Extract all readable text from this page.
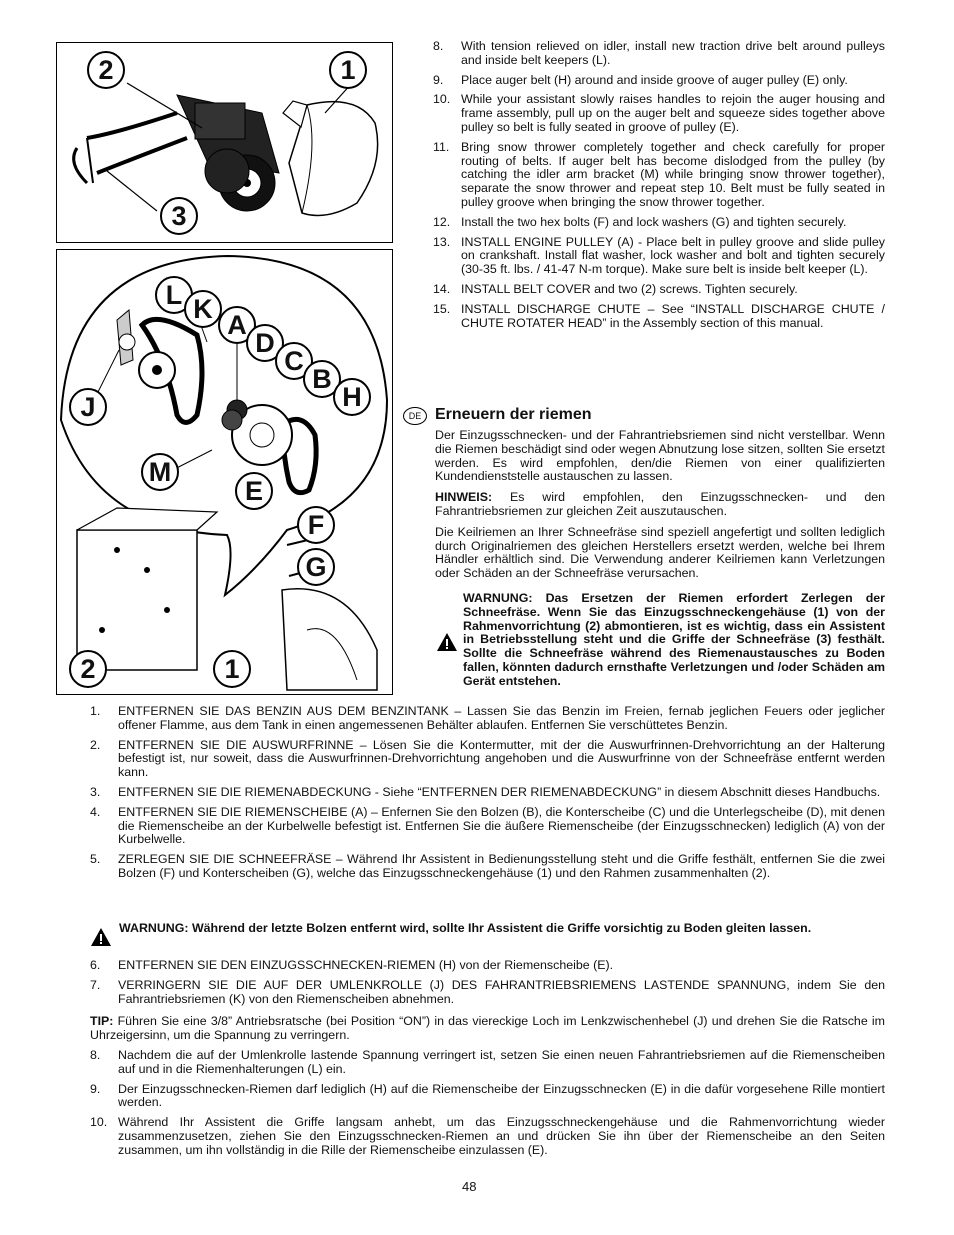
2	1
3
L K
A
D
C
B
H
J
M
E
F
G
2	1
8. With tension relieved on idler, install new traction drive belt around pulleys and inside belt keepers (L).
9. Place auger belt (H) around and inside groove of auger pulley (E) only.
10. While your assistant slowly raises handles to rejoin the auger housing and frame assembly, pull up on the auger belt and squeeze sides together above pulley so belt is fully seated in groove of pulley (E).
11. Bring snow thrower completely together and check carefully for proper routing of belts. If auger belt has become dislodged from the pulley (by catching the idler arm bracket (M) while bringing snow thrower together), separate the snow thrower and repeat step 10. Belt must be fully seated in pulley groove when bringing the snow thrower together.
12. Install the two hex bolts (F) and lock washers (G) and tighten securely.
13. INSTALL ENGINE PULLEY (A) - Place belt in pulley groove and slide pulley on crankshaft. Install flat washer, lock washer and bolt and tighten securely (30-35 ft. lbs. / 41-47 N-m torque). Make sure belt is inside belt keeper (L).
14. INSTALL BELT COVER and two (2) screws. Tighten securely.
15. INSTALL DISCHARGE CHUTE – See “INSTALL DISCHARGE CHUTE / CHUTE ROTATER HEAD” in the Assembly section of this manual.
DE Erneuern der riemen

Der Einzugsschnecken- und der Fahrantriebsriemen sind nicht verstellbar. Wenn die Riemen beschädigt sind oder wegen Abnutzung lose sitzen, sollten Sie ersetzt werden. Es wird empfohlen, den/die Riemen von einer qualifizierten Kundendienststelle austauschen zu lassen.

HINWEIS: Es wird empfohlen, den Einzugsschnecken- und den Fahrantriebsriemen zur gleichen Zeit auszutauschen.

Die Keilriemen an Ihrer Schneefräse sind speziell angefertigt und sollten lediglich durch Originalriemen des gleichen Herstellers ersetzt werden, welche bei Ihrem Händler erhältlich sind. Die Verwendung anderer Keilriemen kann Verletzungen oder Schäden an der Schneefräse verursachen.

WARNUNG: Das Ersetzen der Riemen erfordert Zerlegen der Schneefräse. Wenn Sie das Einzugsschneckengehäuse (1) von der Rahmenvorrichtung (2) abmontieren, ist es wichtig, dass ein Assistent in Betriebsstellung steht und die Griffe der Schneefräse (3) festhält. Sollte die Schneefräse während des Riemenaustausches zu Boden fallen, könnten dadurch ernsthafte Verletzungen und /oder Schäden am Gerät entstehen.
1. ENTFERNEN SIE DAS BENZIN AUS DEM BENZINTANK – Lassen Sie das Benzin im Freien, fernab jeglichen Feuers oder jeglicher offener Flamme, aus dem Tank in einen angemessenen Behälter ablaufen. Entfernen Sie verschüttetes Benzin.
2. ENTFERNEN SIE DIE AUSWURFRINNE – Lösen Sie die Kontermutter, mit der die Auswurfrinnen-Drehvorrichtung an der Halterung befestigt ist, nur soweit, dass die Auswurfrinnen-Drehvorrichtung angehoben und die Auswurfrinne von der Schneefräse entfernt werden kann.
3. ENTFERNEN SIE DIE RIEMENABDECKUNG - Siehe “ENTFERNEN DER RIEMENABDECKUNG” in diesem Abschnitt dieses Handbuchs.
4. ENTFERNEN SIE DIE RIEMENSCHEIBE (A) – Enfernen Sie den Bolzen (B), die Konterscheibe (C) und die Unterlegscheibe (D), mit denen die Riemenscheibe an der Kurbelwelle befestigt ist. Entfernen Sie die äußere Riemenscheibe (der Einzugsschnecken) lediglich (A) von der Kurbelwelle.
5. ZERLEGEN SIE DIE SCHNEEFRÄSE – Während Ihr Assistent in Bedienungsstellung steht und die Griffe festhält, entfernen Sie die zwei Bolzen (F) und Konterscheiben (G), welche das Einzugsschneckengehäuse (1) und den Rahmen zusammenhalten (2).
WARNUNG: Während der letzte Bolzen entfernt wird, sollte Ihr Assistent die Griffe vorsichtig zu Boden gleiten lassen.
6. ENTFERNEN SIE DEN EINZUGSSCHNECKEN-RIEMEN (H) von der Riemenscheibe (E).
7. VERRINGERN SIE DIE AUF DER UMLENKROLLE (J) DES FAHRANTRIEBSRIEMENS LASTENDE SPANNUNG, indem Sie den Fahrantriebsriemen (K) von den Riemenscheiben abnehmen.
TIP: Führen Sie eine 3/8” Antriebsratsche (bei Position “ON”) in das viereckige Loch im Lenkzwischenhebel (J) und drehen Sie die Ratsche im Uhrzeigersinn, um die Spannung zu verringern.
8. Nachdem die auf der Umlenkrolle lastende Spannung verringert ist, setzen Sie einen neuen Fahrantriebsriemen auf die Riemenscheiben auf und in die Riemenhalterungen (L) ein.
9. Der Einzugsschnecken-Riemen darf lediglich (H) auf die Riemenscheibe der Einzugsschnecken (E) in die dafür vorgesehene Rille montiert werden.
10. Während Ihr Assistent die Griffe langsam anhebt, um das Einzugsschneckengehäuse und die Rahmenvorrichtung wieder zusammenzusetzen, ziehen Sie den Einzugsschnecken-Riemen an und drücken Sie ihn über der Riemenscheibe an den Seiten zusammen, um ihn vollständig in die Rille der Riemenscheibe einzulassen (E).
48
